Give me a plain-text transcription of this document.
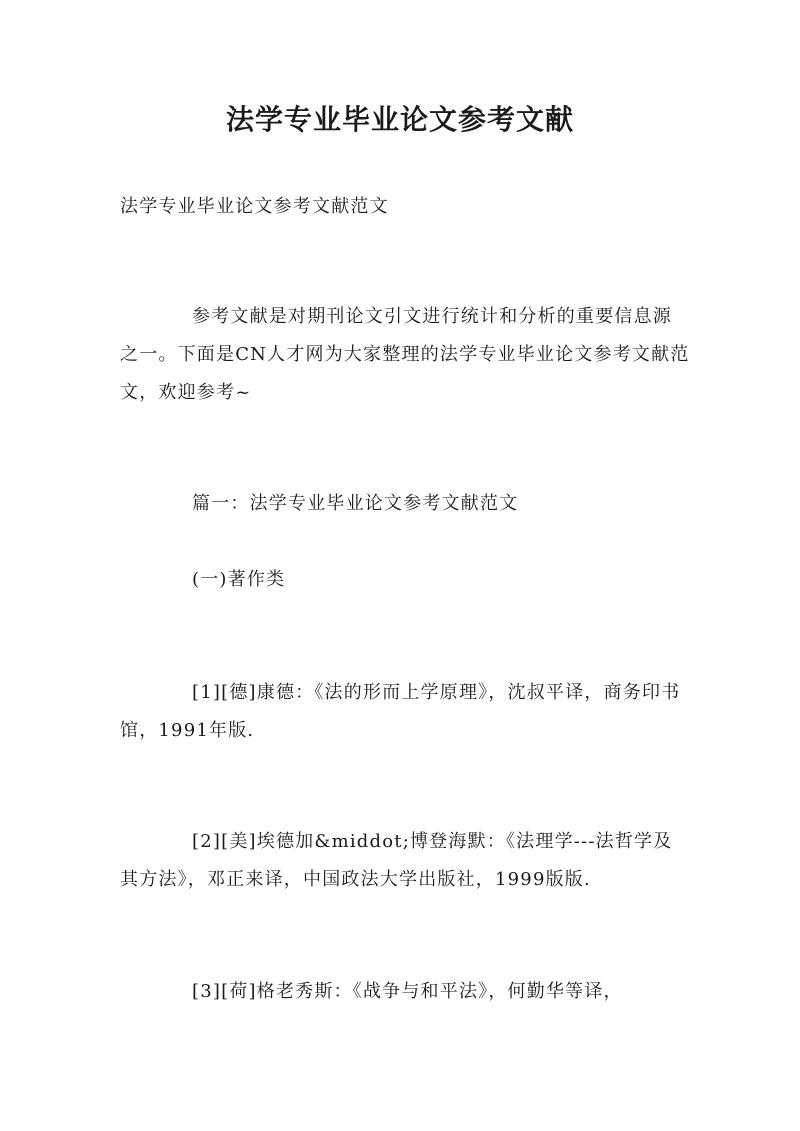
法学专业毕业论文参考文献
法学专业毕业论文参考文献范文
参考文献是对期刊论文引文进行统计和分析的重要信息源之一。下面是CN人才网为大家整理的法学专业毕业论文参考文献范文，欢迎参考~
篇一：法学专业毕业论文参考文献范文
(一)著作类
[1][德]康德：《法的形而上学原理》，沈叔平译，商务印书馆，1991年版.
[2][美]埃德加&middot;博登海默：《法理学---法哲学及其方法》，邓正来译，中国政法大学出版社，1999版版.
[3][荷]格老秀斯：《战争与和平法》，何勤华等译，
